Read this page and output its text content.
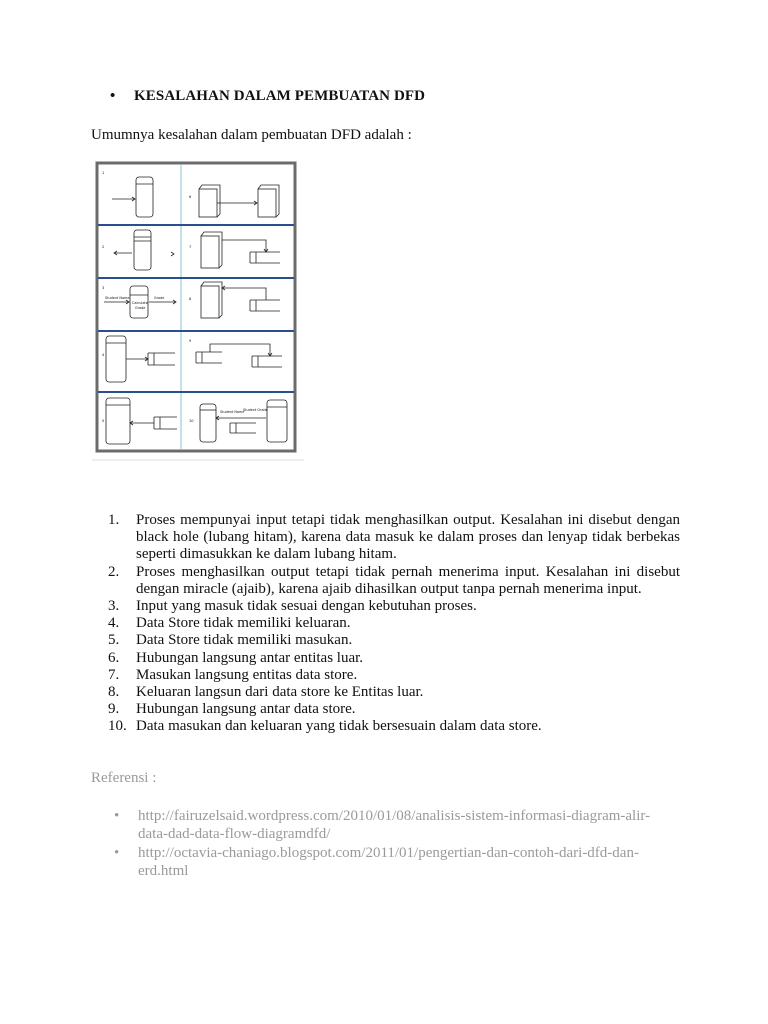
• KESALAHAN DALAM PEMBUATAN DFD
Umumnya kesalahan dalam pembuatan DFD adalah :
1
2
3
4
5
6
7
8
9
10
Student Name
Calculate
Grade
Grade
Student Name
Student Grade
1.	Proses mempunyai input tetapi tidak menghasilkan output. Kesalahan ini disebut dengan black hole (lubang hitam), karena data masuk ke dalam proses dan lenyap tidak berbekas seperti dimasukkan ke dalam lubang hitam.
2.	Proses menghasilkan output tetapi tidak pernah menerima input. Kesalahan ini disebut dengan miracle (ajaib), karena ajaib dihasilkan output tanpa pernah menerima input.
3.	Input yang masuk tidak sesuai dengan kebutuhan proses.
4.	Data Store tidak memiliki keluaran.
5.	Data Store tidak memiliki masukan.
6.	Hubungan langsung antar entitas luar.
7.	Masukan langsung entitas data store.
8.	Keluaran langsun dari data store ke Entitas luar.
9.	Hubungan langsung antar data store.
10. Data masukan dan keluaran yang tidak bersesuain dalam data store.
Referensi :
• http://fairuzelsaid.wordpress.com/2010/01/08/analisis-sistem-informasi-diagram-alir-data-dad-data-flow-diagramdfd/
• http://octavia-chaniago.blogspot.com/2011/01/pengertian-dan-contoh-dari-dfd-dan-erd.html
